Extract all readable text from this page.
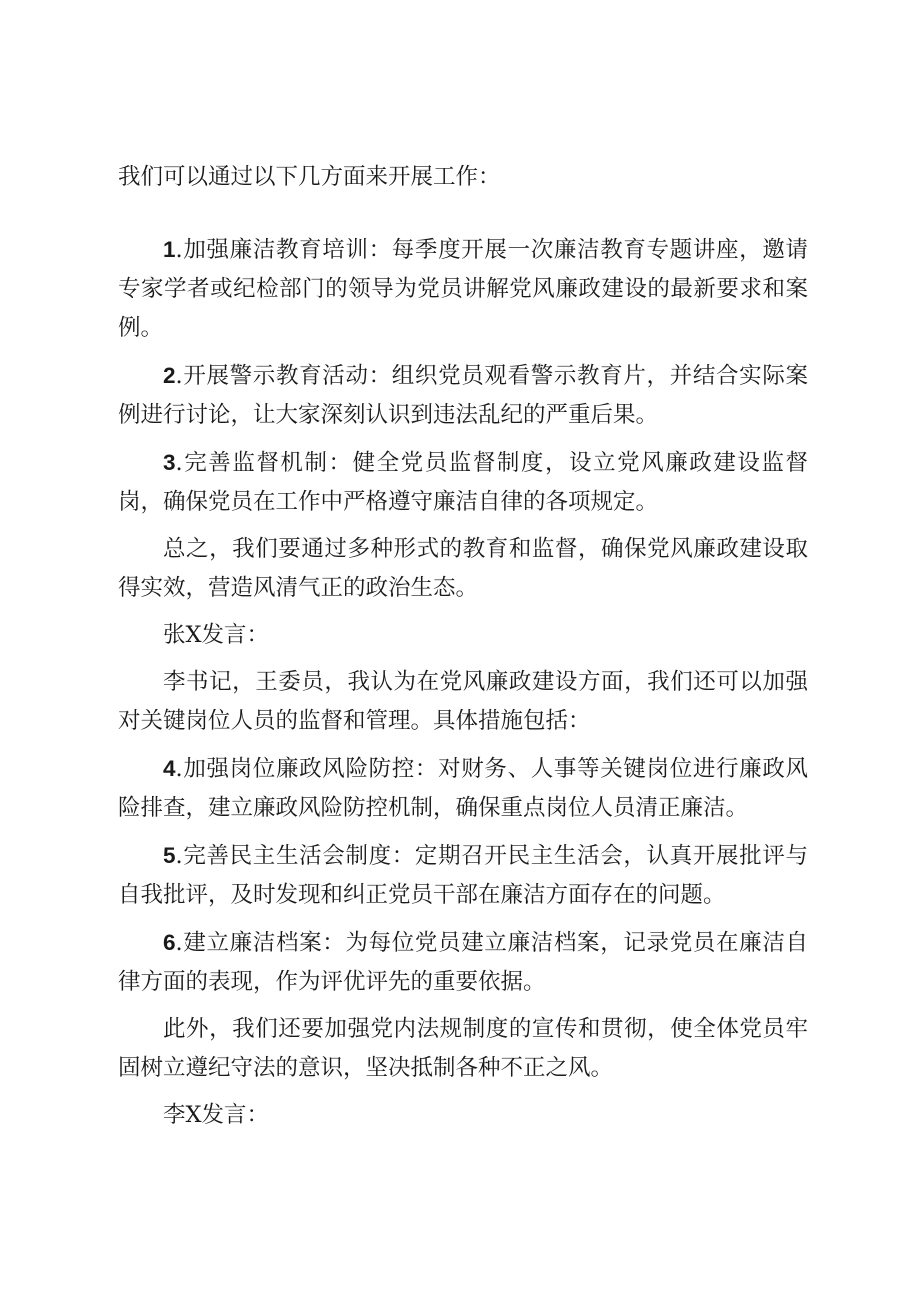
我们可以通过以下几方面来开展工作：

1.加强廉洁教育培训：每季度开展一次廉洁教育专题讲座，邀请专家学者或纪检部门的领导为党员讲解党风廉政建设的最新要求和案例。

2.开展警示教育活动：组织党员观看警示教育片，并结合实际案例进行讨论，让大家深刻认识到违法乱纪的严重后果。

3.完善监督机制：健全党员监督制度，设立党风廉政建设监督岗，确保党员在工作中严格遵守廉洁自律的各项规定。

总之，我们要通过多种形式的教育和监督，确保党风廉政建设取得实效，营造风清气正的政治生态。

张X发言：

李书记，王委员，我认为在党风廉政建设方面，我们还可以加强对关键岗位人员的监督和管理。具体措施包括：

4.加强岗位廉政风险防控：对财务、人事等关键岗位进行廉政风险排查，建立廉政风险防控机制，确保重点岗位人员清正廉洁。

5.完善民主生活会制度：定期召开民主生活会，认真开展批评与自我批评，及时发现和纠正党员干部在廉洁方面存在的问题。

6.建立廉洁档案：为每位党员建立廉洁档案，记录党员在廉洁自律方面的表现，作为评优评先的重要依据。

此外，我们还要加强党内法规制度的宣传和贯彻，使全体党员牢固树立遵纪守法的意识，坚决抵制各种不正之风。

李X发言：
